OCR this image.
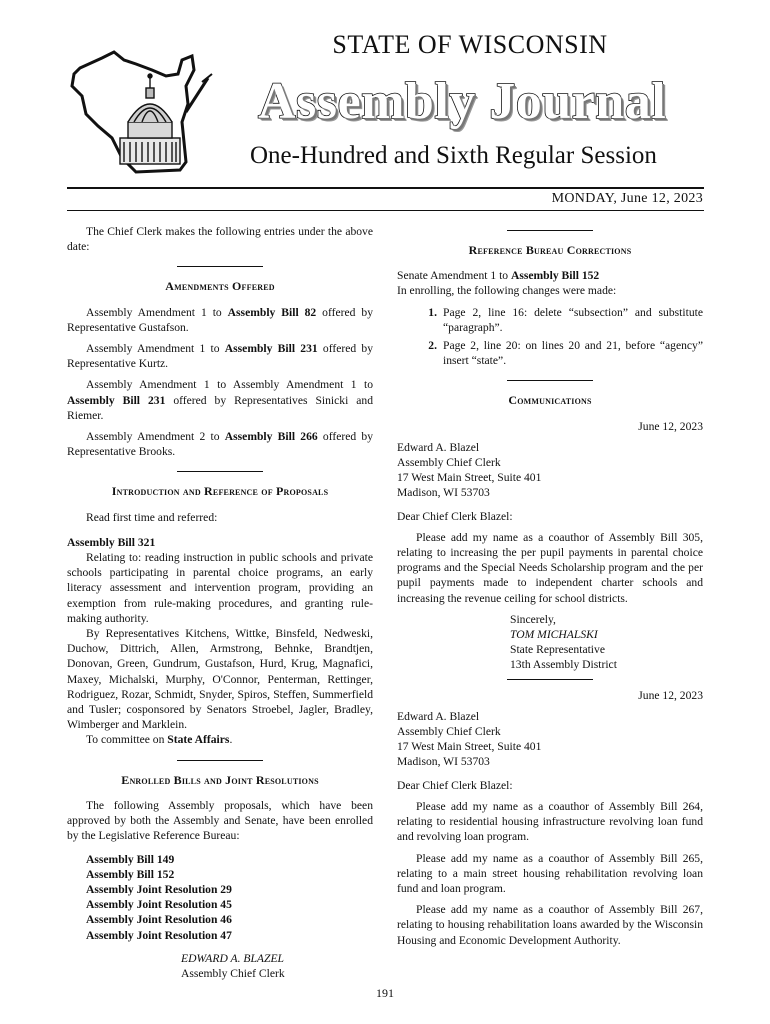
STATE OF WISCONSIN
Assembly Journal
One-Hundred and Sixth Regular Session
MONDAY, June 12, 2023

The Chief Clerk makes the following entries under the above date:

Amendments Offered

Assembly Amendment 1 to Assembly Bill 82 offered by Representative Gustafson.

Assembly Amendment 1 to Assembly Bill 231 offered by Representative Kurtz.

Assembly Amendment 1 to Assembly Amendment 1 to Assembly Bill 231 offered by Representatives Sinicki and Riemer.

Assembly Amendment 2 to Assembly Bill 266 offered by Representative Brooks.

Introduction and Reference of Proposals

Read first time and referred:

Assembly Bill 321

Relating to: reading instruction in public schools and private schools participating in parental choice programs, an early literacy assessment and intervention program, providing an exemption from rule-making procedures, and granting rule-making authority.

By Representatives Kitchens, Wittke, Binsfeld, Nedweski, Duchow, Dittrich, Allen, Armstrong, Behnke, Brandtjen, Donovan, Green, Gundrum, Gustafson, Hurd, Krug, Magnafici, Maxey, Michalski, Murphy, O'Connor, Penterman, Rettinger, Rodriguez, Rozar, Schmidt, Snyder, Spiros, Steffen, Summerfield and Tusler; cosponsored by Senators Stroebel, Jagler, Bradley, Wimberger and Marklein.

To committee on State Affairs.

Enrolled Bills and Joint Resolutions

The following Assembly proposals, which have been approved by both the Assembly and Senate, have been enrolled by the Legislative Reference Bureau:

Assembly Bill 149
Assembly Bill 152
Assembly Joint Resolution 29
Assembly Joint Resolution 45
Assembly Joint Resolution 46
Assembly Joint Resolution 47
EDWARD A. BLAZEL
Assembly Chief Clerk
Reference Bureau Corrections

Senate Amendment 1 to Assembly Bill 152

In enrolling, the following changes were made:

1. Page 2, line 16: delete “subsection” and substitute “paragraph”.
2. Page 2, line 20: on lines 20 and 21, before “agency” insert “state”.
Communications

June 12, 2023

Edward A. Blazel
Assembly Chief Clerk
17 West Main Street, Suite 401
Madison, WI 53703

Dear Chief Clerk Blazel:

Please add my name as a coauthor of Assembly Bill 305, relating to increasing the per pupil payments in parental choice programs and the Special Needs Scholarship program and the per pupil payments made to independent charter schools and increasing the revenue ceiling for school districts.

Sincerely,
TOM MICHALSKI
State Representative
13th Assembly District

June 12, 2023

Edward A. Blazel
Assembly Chief Clerk
17 West Main Street, Suite 401
Madison, WI 53703

Dear Chief Clerk Blazel:

Please add my name as a coauthor of Assembly Bill 264, relating to residential housing infrastructure revolving loan fund and revolving loan program.

Please add my name as a coauthor of Assembly Bill 265, relating to a main street housing rehabilitation revolving loan fund and loan program.

Please add my name as a coauthor of Assembly Bill 267, relating to housing rehabilitation loans awarded by the Wisconsin Housing and Economic Development Authority.

191
